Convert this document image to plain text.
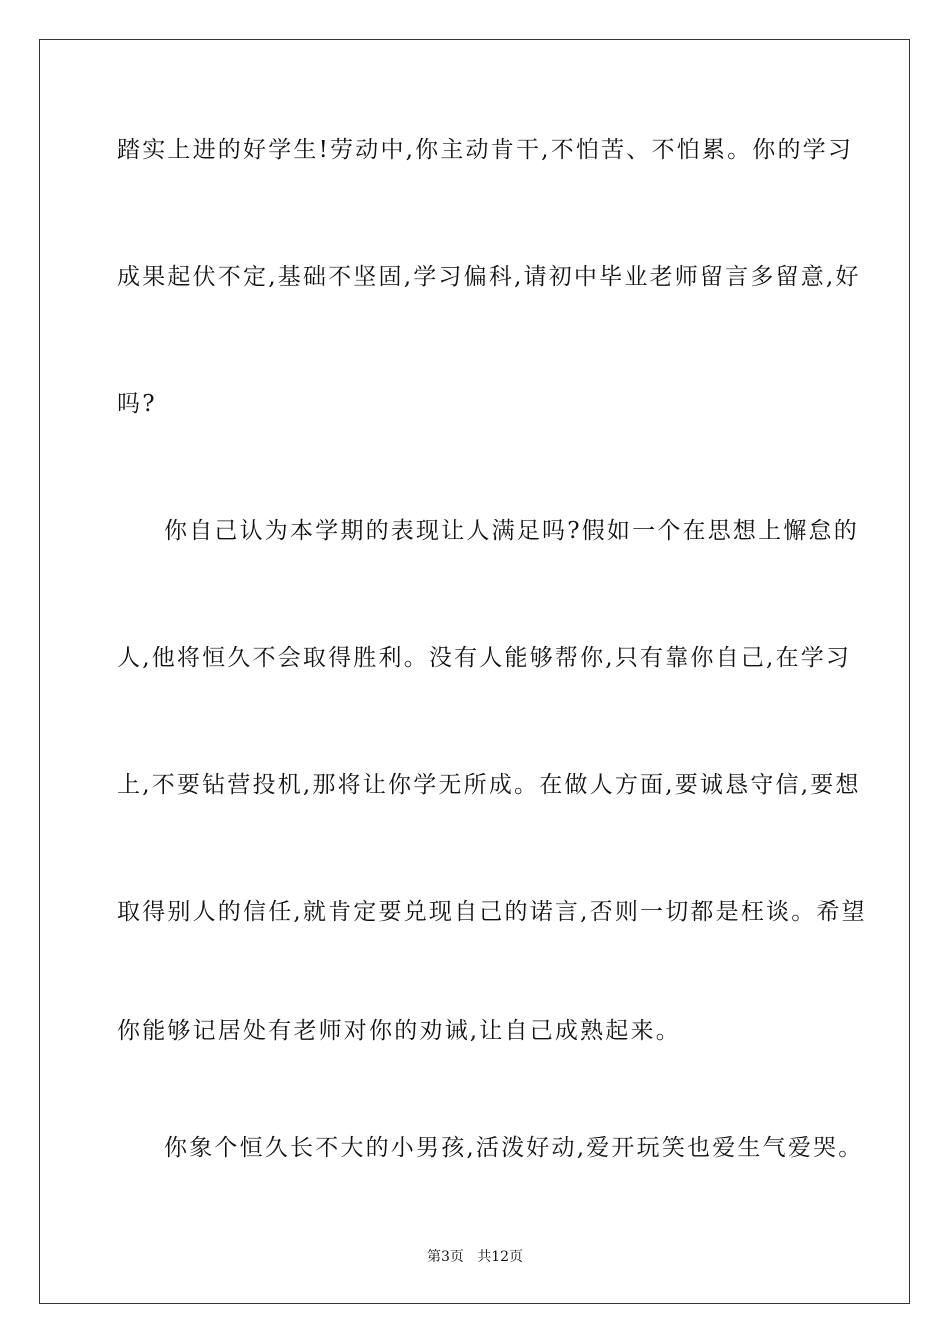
踏实上进的好学生!劳动中,你主动肯干,不怕苦、不怕累。你的学习
成果起伏不定,基础不坚固,学习偏科,请初中毕业老师留言多留意,好
吗?
你自己认为本学期的表现让人满足吗?假如一个在思想上懈怠的
人,他将恒久不会取得胜利。没有人能够帮你,只有靠你自己,在学习
上,不要钻营投机,那将让你学无所成。在做人方面,要诚恳守信,要想
取得别人的信任,就肯定要兑现自己的诺言,否则一切都是枉谈。希望
你能够记居处有老师对你的劝诫,让自己成熟起来。
你象个恒久长不大的小男孩,活泼好动,爱开玩笑也爱生气爱哭。
第3页   共12页
